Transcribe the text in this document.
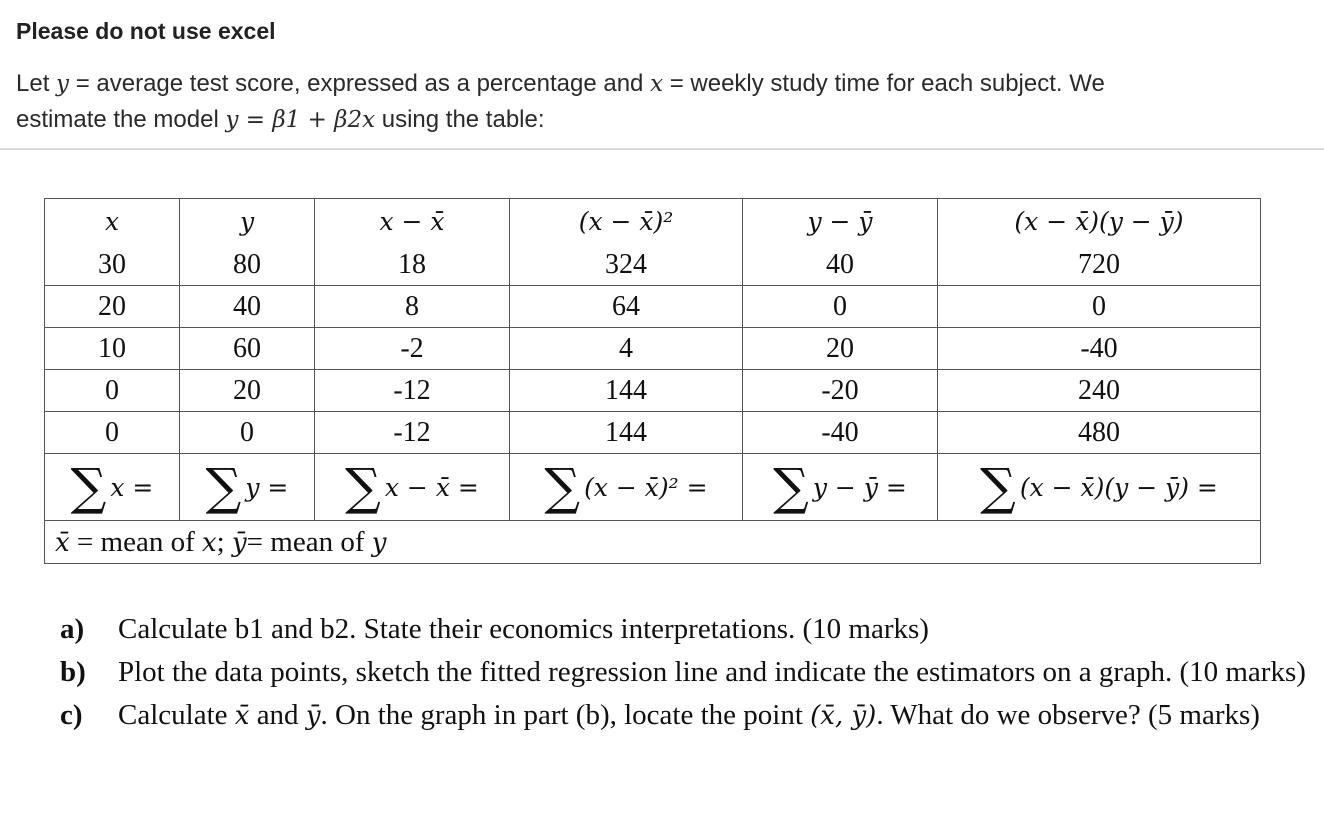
Please do not use excel
Let y = average test score, expressed as a percentage and x = weekly study time for each subject. We
estimate the model y = β1 + β2x using the table:
x	y	x − x̄	(x − x̄)²	y − ȳ	(x − x̄)(y − ȳ)
30	80	18	324	40	720
20	40	8	64	0	0
10	60	-2	4	20	-40
0	20	-12	144	-20	240
0	0	-12	144	-40	480

∑ x =	∑ y =	∑ x − x̄ =	∑ (x − x̄)² =	∑ y − ȳ =	∑ (x − x̄)(y − ȳ) =

x̄ = mean of x; ȳ= mean of y					
a)	Calculate b1 and b2. State their economics interpretations. (10 marks)
b)	Plot the data points, sketch the fitted regression line and indicate the estimators on a graph. (10 marks)
c)	Calculate x̄ and ȳ. On the graph in part (b), locate the point (x̄, ȳ). What do we observe? (5 marks)
